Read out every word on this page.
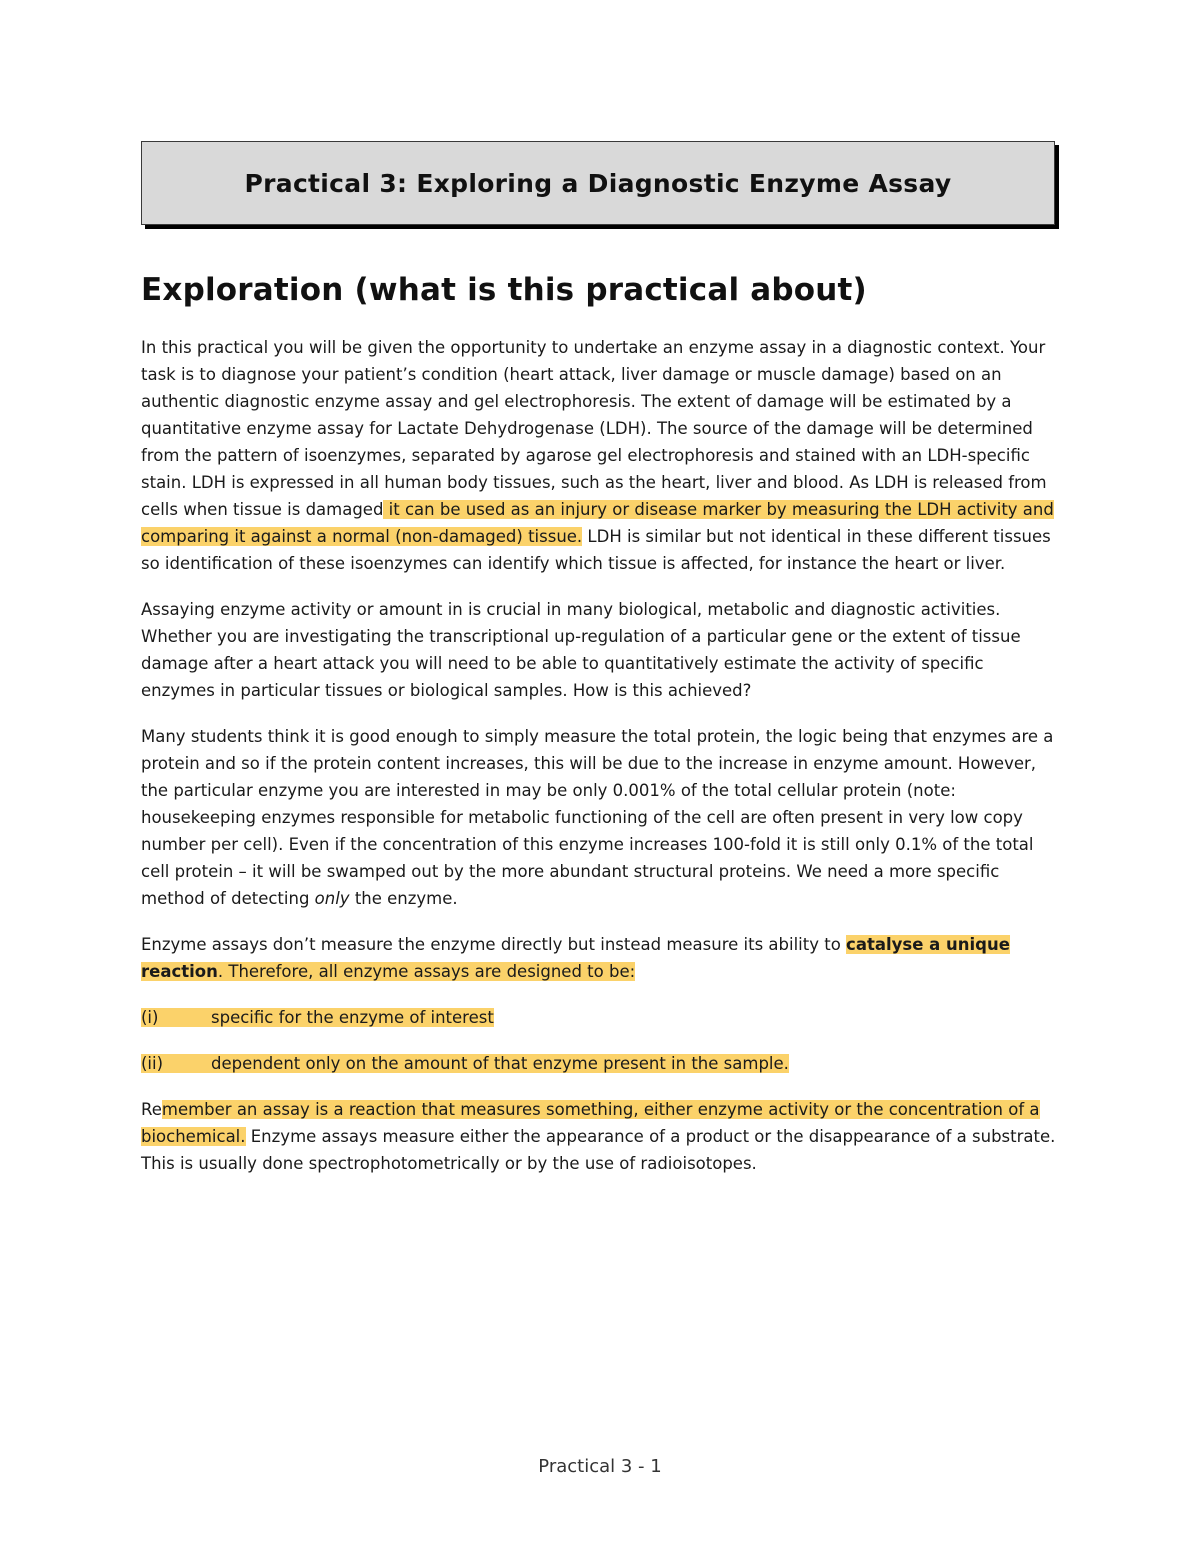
Practical 3: Exploring a Diagnostic Enzyme Assay
Exploration (what is this practical about)

In this practical you will be given the opportunity to undertake an enzyme assay in a diagnostic context. Your task is to diagnose your patient’s condition (heart attack, liver damage or muscle damage) based on an authentic diagnostic enzyme assay and gel electrophoresis. The extent of damage will be estimated by a quantitative enzyme assay for Lactate Dehydrogenase (LDH). The source of the damage will be determined from the pattern of isoenzymes, separated by agarose gel electrophoresis and stained with an LDH-specific stain. LDH is expressed in all human body tissues, such as the heart, liver and blood. As LDH is released from cells when tissue is damaged it can be used as an injury or disease marker by measuring the LDH activity and comparing it against a normal (non-damaged) tissue. LDH is similar but not identical in these different tissues so identification of these isoenzymes can identify which tissue is affected, for instance the heart or liver.

Assaying enzyme activity or amount in is crucial in many biological, metabolic and diagnostic activities. Whether you are investigating the transcriptional up-regulation of a particular gene or the extent of tissue damage after a heart attack you will need to be able to quantitatively estimate the activity of specific enzymes in particular tissues or biological samples. How is this achieved?

Many students think it is good enough to simply measure the total protein, the logic being that enzymes are a protein and so if the protein content increases, this will be due to the increase in enzyme amount. However, the particular enzyme you are interested in may be only 0.001% of the total cellular protein (note: housekeeping enzymes responsible for metabolic functioning of the cell are often present in very low copy number per cell). Even if the concentration of this enzyme increases 100-fold it is still only 0.1% of the total cell protein – it will be swamped out by the more abundant structural proteins. We need a more specific method of detecting only the enzyme.

Enzyme assays don’t measure the enzyme directly but instead measure its ability to catalyse a unique reaction. Therefore, all enzyme assays are designed to be:

(i)	specific for the enzyme of interest

(ii)	dependent only on the amount of that enzyme present in the sample.

Remember an assay is a reaction that measures something, either enzyme activity or the concentration of a biochemical. Enzyme assays measure either the appearance of a product or the disappearance of a substrate. This is usually done spectrophotometrically or by the use of radioisotopes.

Practical 3 - 1
